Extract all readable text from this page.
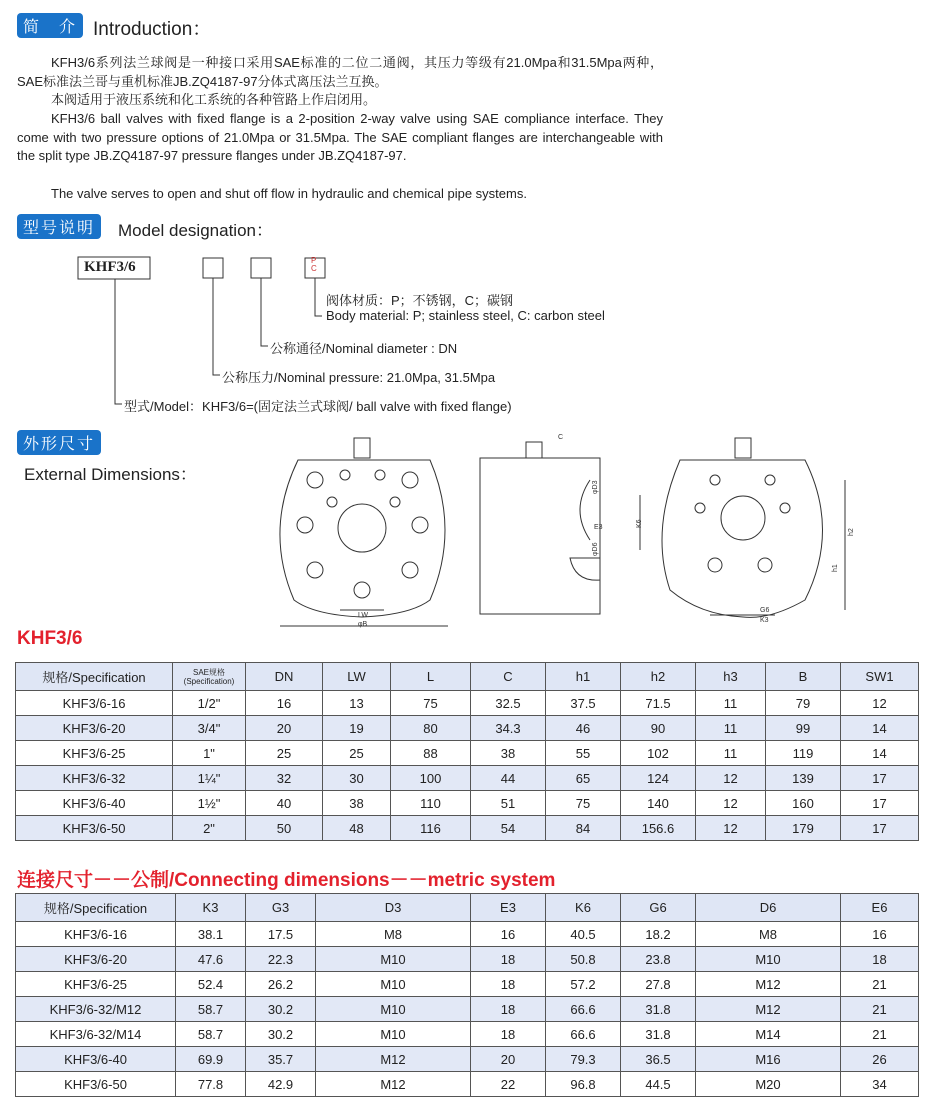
简　介 Introduction：
KFH3/6系列法兰球阀是一种接口采用SAE标准的二位二通阀，其压力等级有21.0Mpa和31.5Mpa两种，SAE标准法兰哥与重机标准JB.ZQ4187-97分体式离压法兰互换。
本阀适用于液压系统和化工系统的各种管路上作启闭用。
KFH3/6 ball valves with fixed flange is a 2-position 2-way valve using SAE compliance interface. They come with two pressure options of 21.0Mpa or 31.5Mpa. The SAE compliant flanges are interchangeable with the split type JB.ZQ4187-97 pressure flanges under JB.ZQ4187-97.
The valve serves to open and shut off flow in hydraulic and chemical pipe systems.
型号说明	Model designation：
KHF3/6	P
C
阀体材质：P；不锈钢，C；碳钢
Body material: P; stainless steel, C: carbon steel
公称通径/Nominal diameter : DN
公称压力/Nominal pressure: 21.0Mpa, 31.5Mpa
型式/Model：KHF3/6=(固定法兰式球阀/ ball valve with fixed flange)
外形尺寸
External Dimensions：
LW
φB
C
G6
K3
E3	K6
h1
h2
φD3
φD6
KHF3/6
规格/Specification	SAE规格 (Specification)	DN	LW	L	C	h1	h2	h3	B	SW1
KHF3/6-16	1/2"	16	13	75	32.5	37.5	71.5	11	79	12
KHF3/6-20	3/4"	20	19	80	34.3	46	90	11	99	14
KHF3/6-25	1"	25	25	88	38	55	102	11	119	14
KHF3/6-32	1¼"	32	30	100	44	65	124	12	139	17
KHF3/6-40	1½"	40	38	110	51	75	140	12	160	17
KHF3/6-50	2"	50	48	116	54	84	156.6	12	179	17
连接尺寸－－公制/Connecting dimensions－－metric system
规格/Specification	K3	G3	D3	E3	K6	G6	D6	E6
KHF3/6-16	38.1	17.5	M8	16	40.5	18.2	M8	16
KHF3/6-20	47.6	22.3	M10	18	50.8	23.8	M10	18
KHF3/6-25	52.4	26.2	M10	18	57.2	27.8	M12	21
KHF3/6-32/M12	58.7	30.2	M10	18	66.6	31.8	M12	21
KHF3/6-32/M14	58.7	30.2	M10	18	66.6	31.8	M14	21
KHF3/6-40	69.9	35.7	M12	20	79.3	36.5	M16	26
KHF3/6-50	77.8	42.9	M12	22	96.8	44.5	M20	34
